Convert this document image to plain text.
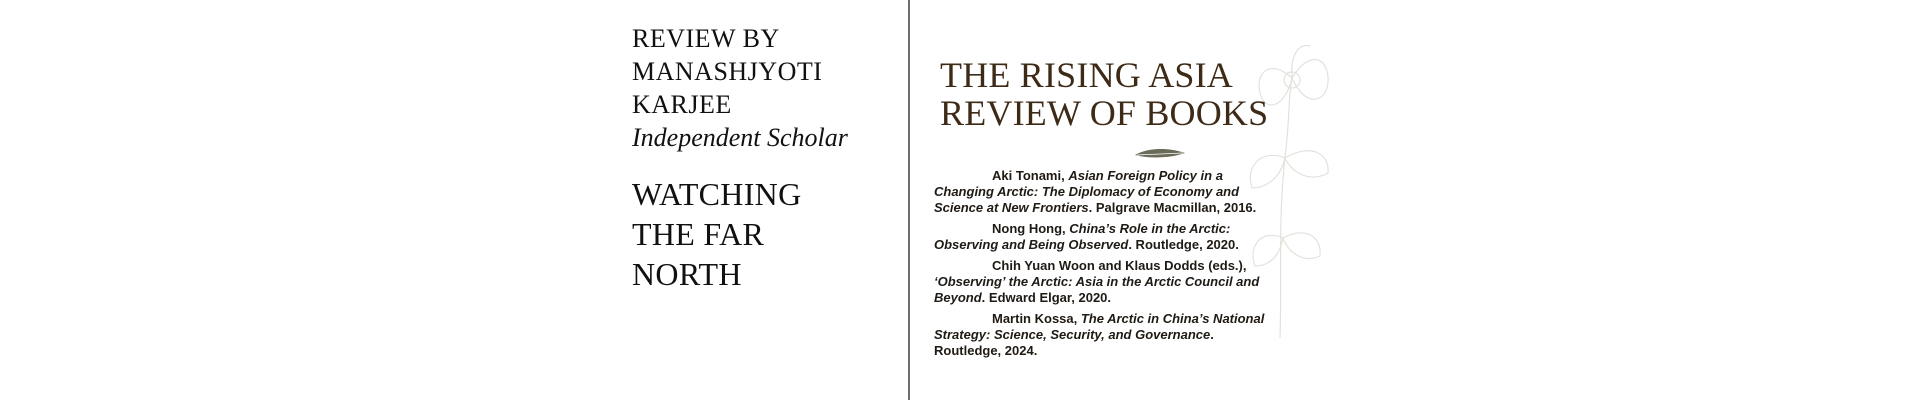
REVIEW BY
MANASHJYOTI
KARJEE
Independent Scholar
WATCHING
THE FAR
NORTH
THE RISING ASIA
REVIEW OF BOOKS

Aki Tonami, Asian Foreign Policy in a Changing Arctic: The Diplomacy of Economy and Science at New Frontiers. Palgrave Macmillan, 2016.

Nong Hong, China’s Role in the Arctic: Observing and Being Observed. Routledge, 2020.

Chih Yuan Woon and Klaus Dodds (eds.), ‘Observing’ the Arctic: Asia in the Arctic Council and Beyond. Edward Elgar, 2020.

Martin Kossa, The Arctic in China’s National Strategy: Science, Security, and Governance. Routledge, 2024.
